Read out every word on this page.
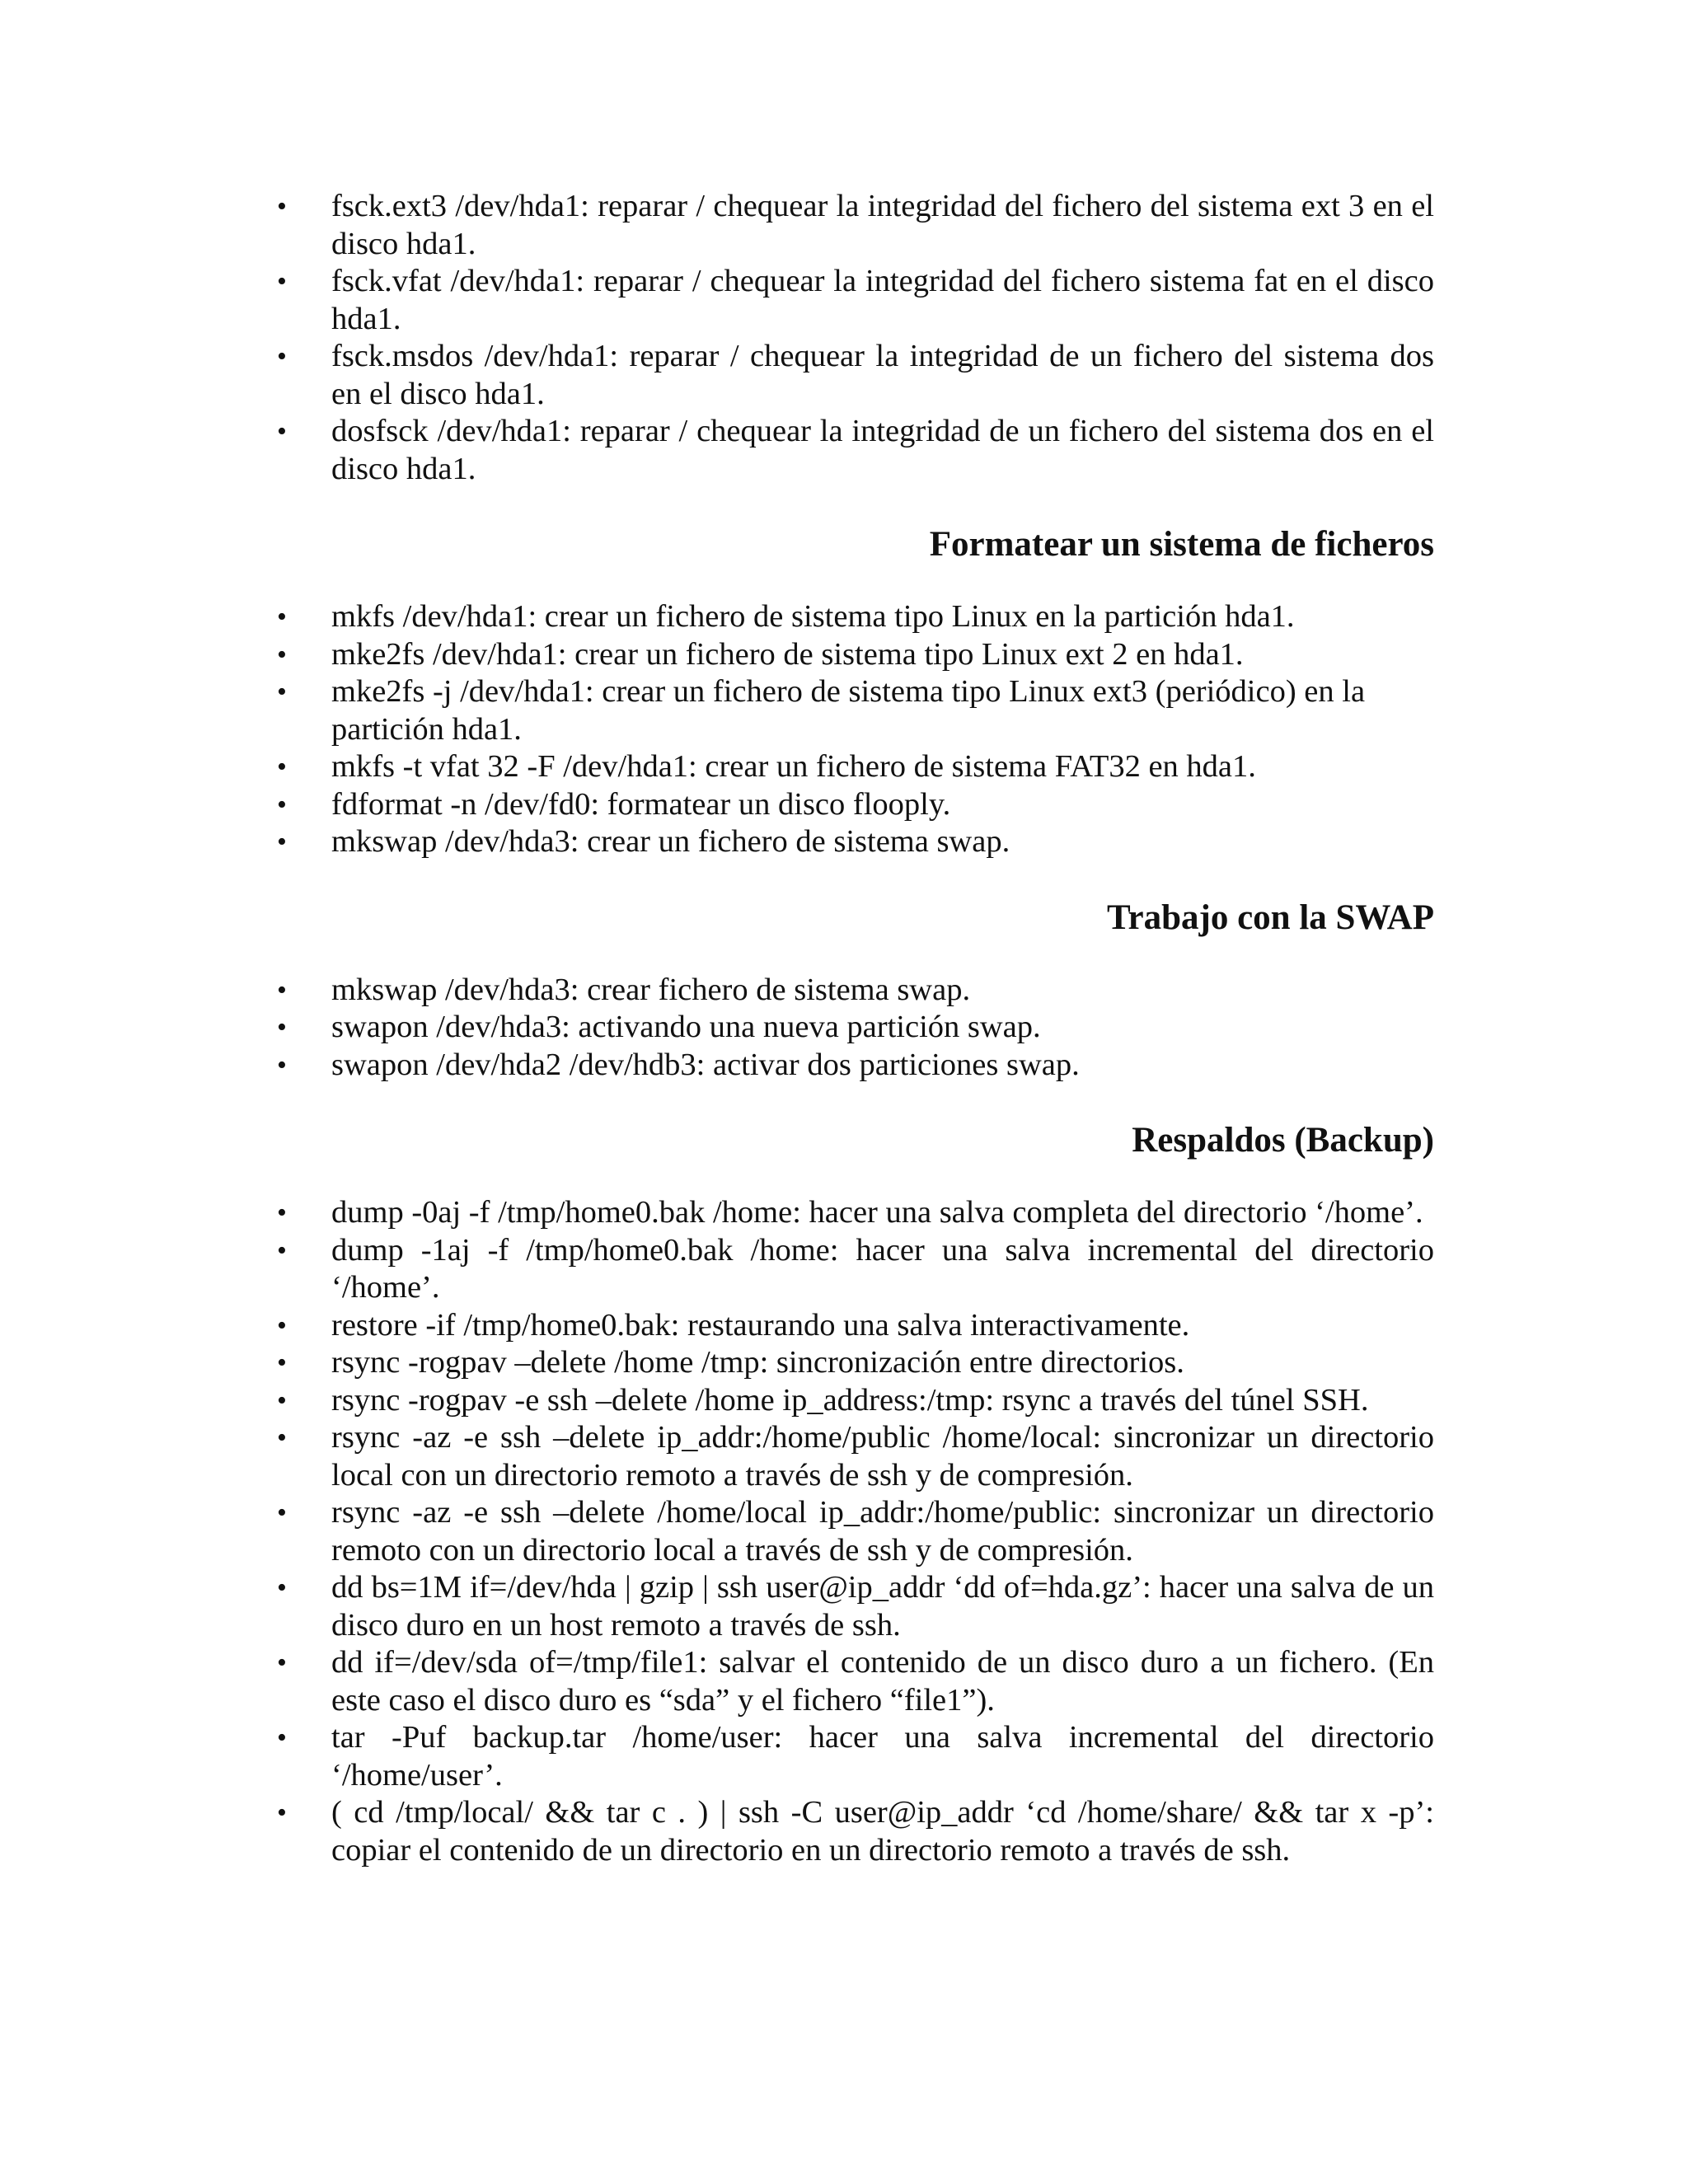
• fsck.ext3 /dev/hda1: reparar / chequear la integridad del fichero del sistema ext 3 en el disco hda1.
• fsck.vfat /dev/hda1: reparar / chequear la integridad del fichero sistema fat en el disco hda1.
• fsck.msdos /dev/hda1: reparar / chequear la integridad de un fichero del sistema dos en el disco hda1.
• dosfsck /dev/hda1: reparar / chequear la integridad de un fichero del sistema dos en el disco hda1.
Formatear un sistema de ficheros
• mkfs /dev/hda1: crear un fichero de sistema tipo Linux en la partición hda1.
• mke2fs /dev/hda1: crear un fichero de sistema tipo Linux ext 2 en hda1.
• mke2fs -j /dev/hda1: crear un fichero de sistema tipo Linux ext3 (periódico) en la partición hda1.
• mkfs -t vfat 32 -F /dev/hda1: crear un fichero de sistema FAT32 en hda1.
• fdformat -n /dev/fd0: formatear un disco flooply.
• mkswap /dev/hda3: crear un fichero de sistema swap.
Trabajo con la SWAP
• mkswap /dev/hda3: crear fichero de sistema swap.
• swapon /dev/hda3: activando una nueva partición swap.
• swapon /dev/hda2 /dev/hdb3: activar dos particiones swap.
Respaldos (Backup)
• dump -0aj -f /tmp/home0.bak /home: hacer una salva completa del directorio ‘/home’.
• dump -1aj -f /tmp/home0.bak /home: hacer una salva incremental del directorio ‘/home’.
• restore -if /tmp/home0.bak: restaurando una salva interactivamente.
• rsync -rogpav –delete /home /tmp: sincronización entre directorios.
• rsync -rogpav -e ssh –delete /home ip_address:/tmp: rsync a través del túnel SSH.
• rsync -az -e ssh –delete ip_addr:/home/public /home/local: sincronizar un directorio local con un directorio remoto a través de ssh y de compresión.
• rsync -az -e ssh –delete /home/local ip_addr:/home/public: sincronizar un directorio remoto con un directorio local a través de ssh y de compresión.
• dd bs=1M if=/dev/hda | gzip | ssh user@ip_addr ‘dd of=hda.gz’: hacer una salva de un disco duro en un host remoto a través de ssh.
• dd if=/dev/sda of=/tmp/file1: salvar el contenido de un disco duro a un fichero. (En este caso el disco duro es “sda” y el fichero “file1”).
• tar -Puf backup.tar /home/user: hacer una salva incremental del directorio ‘/home/user’.
• ( cd /tmp/local/ && tar c . ) | ssh -C user@ip_addr ‘cd /home/share/ && tar x -p’: copiar el contenido de un directorio en un directorio remoto a través de ssh.
